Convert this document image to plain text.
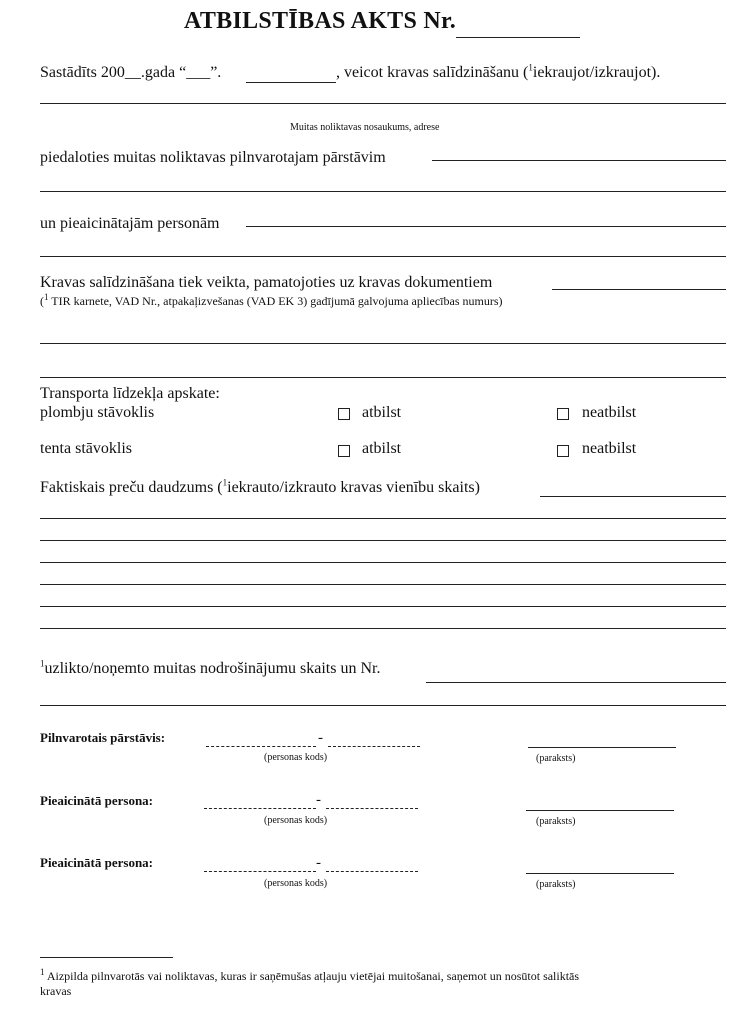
ATBILSTĪBAS AKTS Nr.
Sastādīts 200__.gada “___”.	, veicot kravas salīdzināšanu ($^1$iekraujot/izkraujot).
Muitas noliktavas nosaukums, adrese
piedaloties muitas noliktavas pilnvarotajam pārstāvim
un pieaicinātajām personām
Kravas salīdzināšana tiek veikta, pamatojoties uz kravas dokumentiem
($^1$ TIR karnete, VAD Nr., atpakaļizvešanas (VAD EK 3) gadījumā galvojuma apliecības numurs)
Transporta līdzekļa apskate:
plombju stāvoklis	atbilst	neatbilst
tenta stāvoklis	atbilst	neatbilst
Faktiskais preču daudzums ($^1$iekrauto/izkrauto kravas vienību skaits)
$^1$uzlikto/noņemto muitas nodrošinājumu skaits un Nr.
Pilnvarotais pārstāvis:	-
(personas kods)	(paraksts)
Pieaicinātā persona:	-
(personas kods)	(paraksts)
Pieaicinātā persona:	-
(personas kods)	(paraksts)
$^1$ Aizpilda pilnvarotās vai noliktavas, kuras ir saņēmušas atļauju vietējai muitošanai, saņemot un nosūtot saliktās
kravas
